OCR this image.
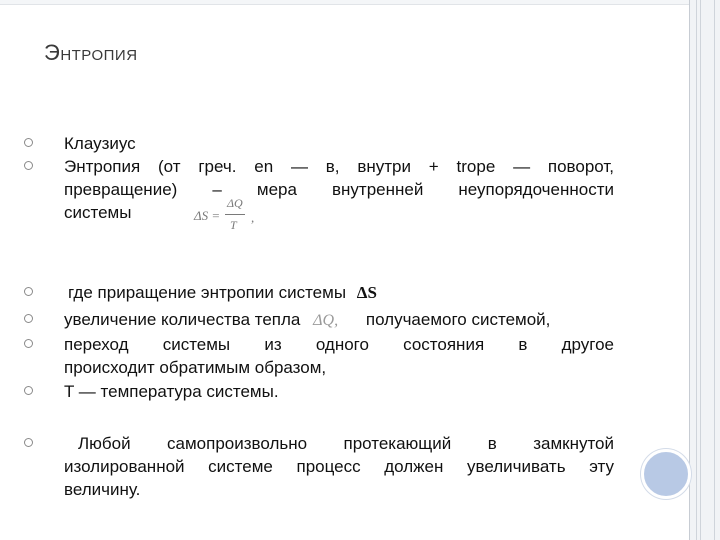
Энтропия

Клаузиус

Энтропия (от греч. en — в, внутри + trope — поворот,
превращение) – мера внутренней неупорядоченности
системы	ΔS =
ΔQ
T ,

где приращение энтропии системы ΔS

увеличение количества тепла ΔQ, получаемого системой,

переход системы из одного состояния в другое
происходит обратимым образом,

T — температура системы.

Любой самопроизвольно протекающий в замкнутой
изолированной системе процесс должен увеличивать эту
величину.
